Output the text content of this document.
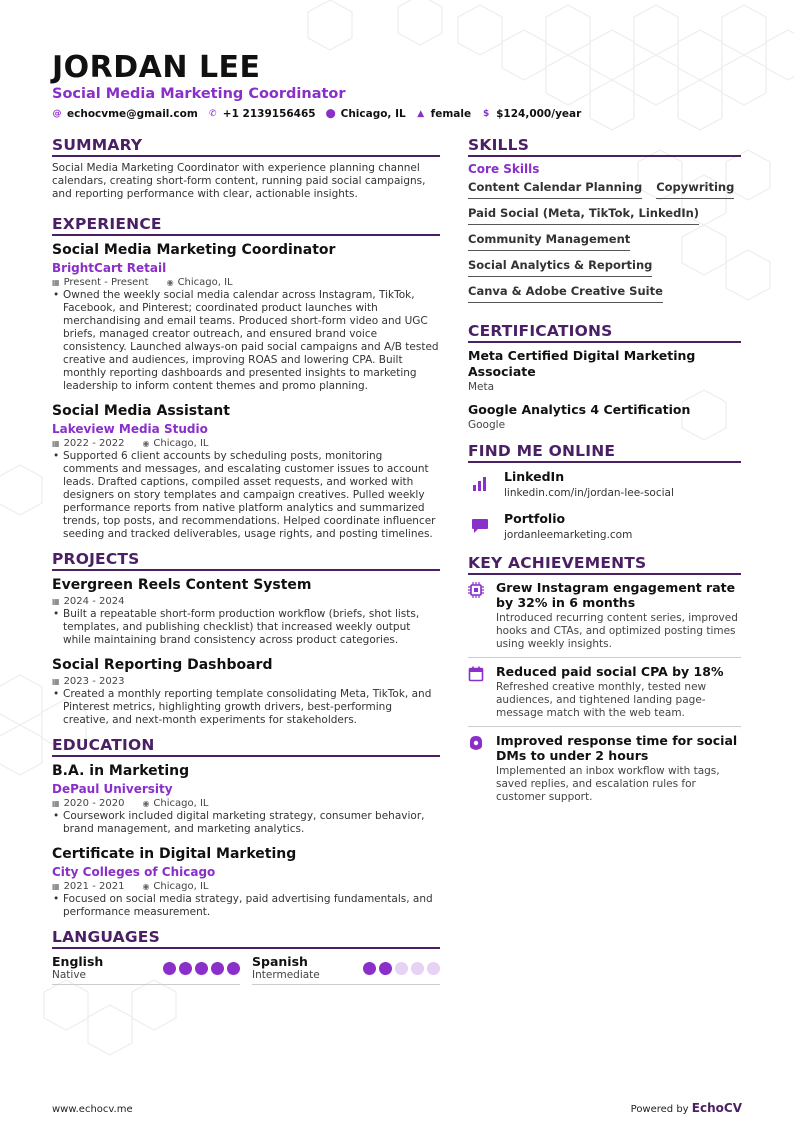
JORDAN LEE
Social Media Marketing Coordinator
@ echocvme@gmail.com ✆ +1 2139156465 ⬤ Chicago, IL ▲ female $ $124,000/year
SUMMARY
Social Media Marketing Coordinator with experience planning channel calendars, creating short-form content, running paid social campaigns, and reporting performance with clear, actionable insights.
EXPERIENCE
Social Media Marketing Coordinator
BrightCart Retail
▦ Present - Present ◉ Chicago, IL
• Owned the weekly social media calendar across Instagram, TikTok, Facebook, and Pinterest; coordinated product launches with merchandising and email teams. Produced short-form video and UGC briefs, managed creator outreach, and ensured brand voice consistency. Launched always-on paid social campaigns and A/B tested creative and audiences, improving ROAS and lowering CPA. Built monthly reporting dashboards and presented insights to marketing leadership to inform content themes and promo planning.
Social Media Assistant
Lakeview Media Studio
▦ 2022 - 2022 ◉ Chicago, IL
• Supported 6 client accounts by scheduling posts, monitoring comments and messages, and escalating customer issues to account leads. Drafted captions, compiled asset requests, and worked with designers on story templates and campaign creatives. Pulled weekly performance reports from native platform analytics and summarized trends, top posts, and recommendations. Helped coordinate influencer seeding and tracked deliverables, usage rights, and posting timelines.
PROJECTS
Evergreen Reels Content System
▦ 2024 - 2024
• Built a repeatable short-form production workflow (briefs, shot lists, templates, and publishing checklist) that increased weekly output while maintaining brand consistency across product categories.
Social Reporting Dashboard
▦ 2023 - 2023
• Created a monthly reporting template consolidating Meta, TikTok, and Pinterest metrics, highlighting growth drivers, best-performing creative, and next-month experiments for stakeholders.
EDUCATION
B.A. in Marketing
DePaul University
▦ 2020 - 2020 ◉ Chicago, IL
• Coursework included digital marketing strategy, consumer behavior, brand management, and marketing analytics.
Certificate in Digital Marketing
City Colleges of Chicago
▦ 2021 - 2021 ◉ Chicago, IL
• Focused on social media strategy, paid advertising fundamentals, and performance measurement.
LANGUAGES
English
Native
Spanish
Intermediate
SKILLS
Core Skills
Content Calendar Planning Copywriting
Paid Social (Meta, TikTok, LinkedIn)
Community Management
Social Analytics & Reporting
Canva & Adobe Creative Suite
CERTIFICATIONS
Meta Certified Digital Marketing Associate
Meta
Google Analytics 4 Certification
Google
FIND ME ONLINE
LinkedIn
linkedin.com/in/jordan-lee-social
Portfolio
jordanleemarketing.com
KEY ACHIEVEMENTS
Grew Instagram engagement rate by 32% in 6 months
Introduced recurring content series, improved hooks and CTAs, and optimized posting times using weekly insights.
Reduced paid social CPA by 18%
Refreshed creative monthly, tested new audiences, and tightened landing page-message match with the web team.
Improved response time for social DMs to under 2 hours
Implemented an inbox workflow with tags, saved replies, and escalation rules for customer support.
www.echocv.me	Powered by EchoCV
